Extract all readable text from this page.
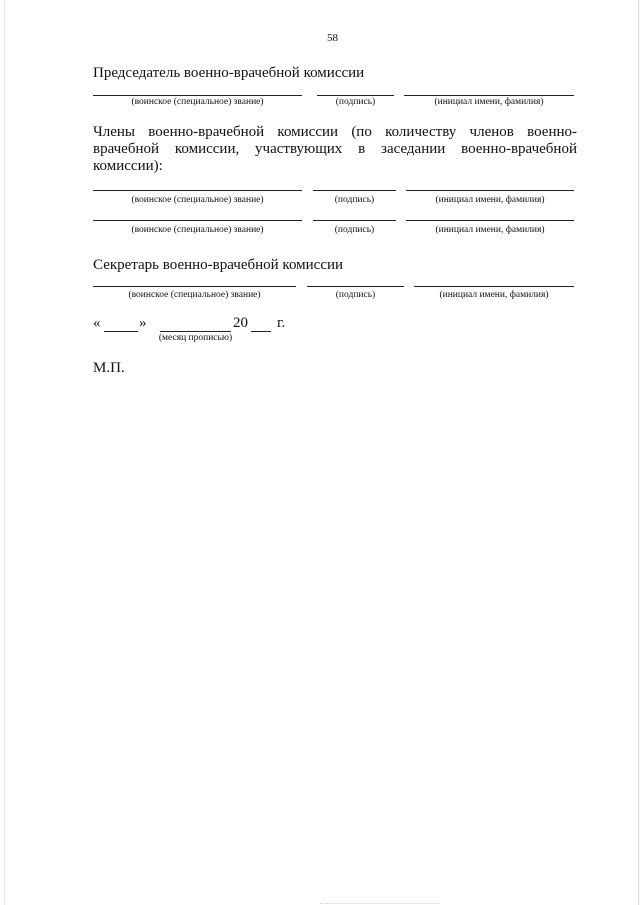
58
Председатель военно-врачебной комиссии
(воинское (специальное) звание)	(подпись)	(инициал имени, фамилия)
Члены военно-врачебной комиссии (по количеству членов военно-
врачебной комиссии, участвующих в заседании военно-врачебной
комиссии):
(воинское (специальное) звание)	(подпись)	(инициал имени, фамилия)
(воинское (специальное) звание)	(подпись)	(инициал имени, фамилия)
Секретарь военно-врачебной комиссии
(воинское (специальное) звание)	(подпись)	(инициал имени, фамилия)
«	»	20 г.
(месяц прописью)
М.П.
